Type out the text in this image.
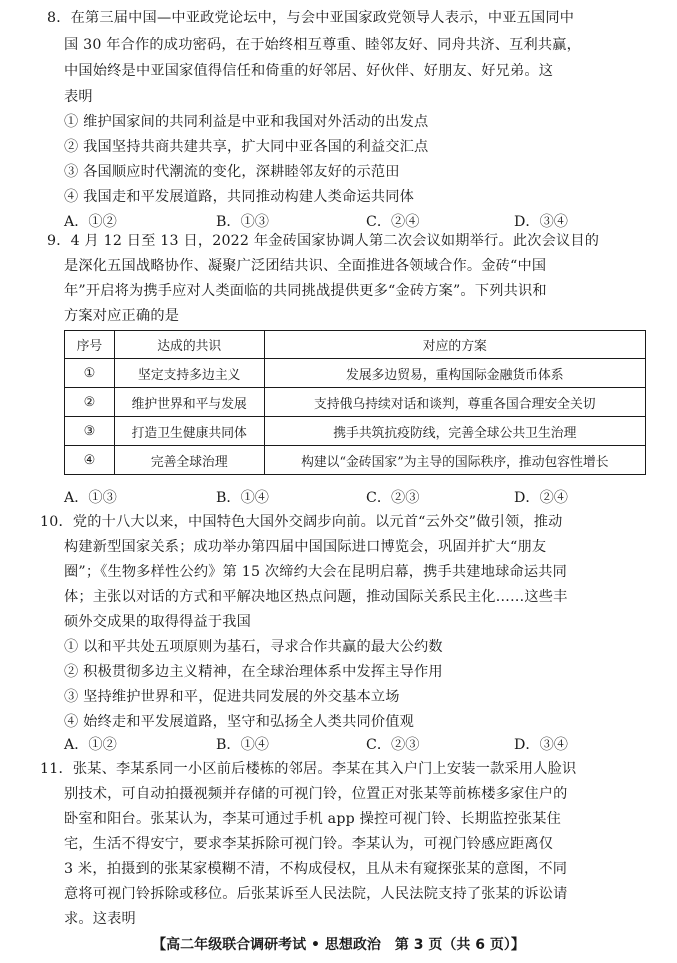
8．在第三届中国—中亚政党论坛中，与会中亚国家政党领导人表示，中亚五国同中
国 30 年合作的成功密码，在于始终相互尊重、睦邻友好、同舟共济、互利共赢，
中国始终是中亚国家值得信任和倚重的好邻居、好伙伴、好朋友、好兄弟。这
表明
① 维护国家间的共同利益是中亚和我国对外活动的出发点
② 我国坚持共商共建共享，扩大同中亚各国的利益交汇点
③ 各国顺应时代潮流的变化，深耕睦邻友好的示范田
④ 我国走和平发展道路，共同推动构建人类命运共同体
A．①②	B．①③	C．②④	D．③④
9．4 月 12 日至 13 日，2022 年金砖国家协调人第二次会议如期举行。此次会议目的
是深化五国战略协作、凝聚广泛团结共识、全面推进各领域合作。金砖“中国
年”开启将为携手应对人类面临的共同挑战提供更多“金砖方案”。下列共识和
方案对应正确的是
序号	达成的共识	对应的方案
①	坚定支持多边主义	发展多边贸易，重构国际金融货币体系
②	维护世界和平与发展	支持俄乌持续对话和谈判，尊重各国合理安全关切
③	打造卫生健康共同体	携手共筑抗疫防线，完善全球公共卫生治理
④	完善全球治理	构建以“金砖国家”为主导的国际秩序，推动包容性增长
A．①③	B．①④	C．②③	D．②④
10．党的十八大以来，中国特色大国外交阔步向前。以元首“云外交”做引领，推动
构建新型国家关系；成功举办第四届中国国际进口博览会，巩固并扩大“朋友
圈”；《生物多样性公约》第 15 次缔约大会在昆明启幕，携手共建地球命运共同
体；主张以对话的方式和平解决地区热点问题，推动国际关系民主化……这些丰
硕外交成果的取得得益于我国
① 以和平共处五项原则为基石，寻求合作共赢的最大公约数
② 积极贯彻多边主义精神，在全球治理体系中发挥主导作用
③ 坚持维护世界和平，促进共同发展的外交基本立场
④ 始终走和平发展道路，坚守和弘扬全人类共同价值观
A．①②	B．①④	C．②③	D．③④
11．张某、李某系同一小区前后楼栋的邻居。李某在其入户门上安装一款采用人脸识
别技术，可自动拍摄视频并存储的可视门铃，位置正对张某等前栋楼多家住户的
卧室和阳台。张某认为，李某可通过手机 app 操控可视门铃、长期监控张某住
宅，生活不得安宁，要求李某拆除可视门铃。李某认为，可视门铃感应距离仅
3 米，拍摄到的张某家模糊不清，不构成侵权，且从未有窥探张某的意图，不同
意将可视门铃拆除或移位。后张某诉至人民法院，人民法院支持了张某的诉讼请
求。这表明
【高二年级联合调研考试 • 思想政治　第 3 页（共 6 页）】
